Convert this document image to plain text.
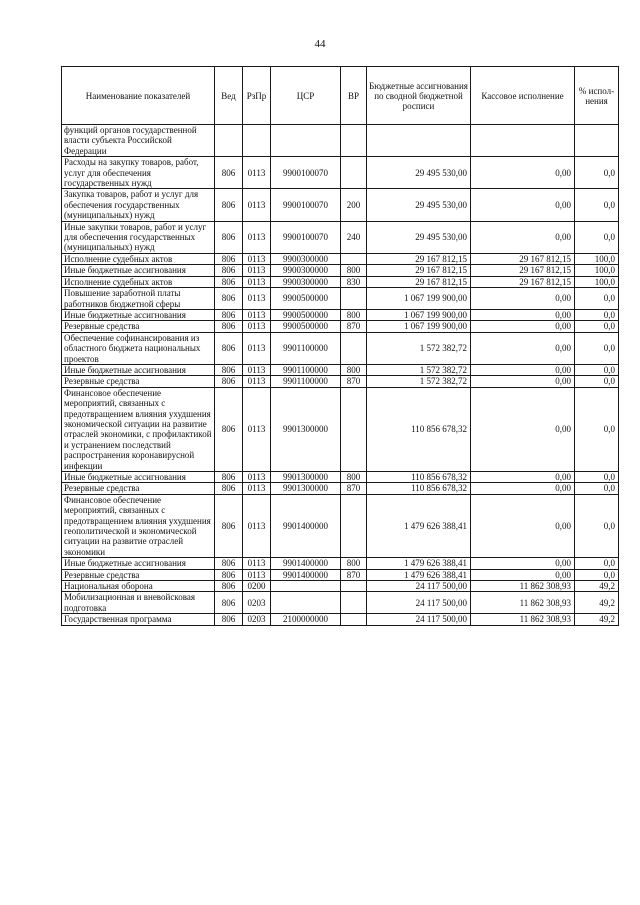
44
Наименование показателей	Вед	РзПр	ЦСР	ВР	Бюджетные ассигнования по сводной бюджетной росписи	Кассовое исполнение	% испол-нения
функций органов государственной власти субъекта Российской Федерации							
Расходы на закупку товаров, работ, услуг для обеспечения государственных нужд	806	0113	9900100070		29 495 530,00	0,00	0,0
Закупка товаров, работ и услуг для обеспечения государственных (муниципальных) нужд	806	0113	9900100070	200	29 495 530,00	0,00	0,0
Иные закупки товаров, работ и услуг для обеспечения государственных (муниципальных) нужд	806	0113	9900100070	240	29 495 530,00	0,00	0,0
Исполнение судебных актов	806	0113	9900300000		29 167 812,15	29 167 812,15	100,0
Иные бюджетные ассигнования	806	0113	9900300000	800	29 167 812,15	29 167 812,15	100,0
Исполнение судебных актов	806	0113	9900300000	830	29 167 812,15	29 167 812,15	100,0
Повышение заработной платы работников бюджетной сферы	806	0113	9900500000		1 067 199 900,00	0,00	0,0
Иные бюджетные ассигнования	806	0113	9900500000	800	1 067 199 900,00	0,00	0,0
Резервные средства	806	0113	9900500000	870	1 067 199 900,00	0,00	0,0
Обеспечение софинансирования из областного бюджета национальных проектов	806	0113	9901100000		1 572 382,72	0,00	0,0
Иные бюджетные ассигнования	806	0113	9901100000	800	1 572 382,72	0,00	0,0
Резервные средства	806	0113	9901100000	870	1 572 382,72	0,00	0,0
Финансовое обеспечение мероприятий, связанных с предотвращением влияния ухудшения экономической ситуации на развитие отраслей экономики, с профилактикой и устранением последствий распространения коронавирусной инфекции	806	0113	9901300000		110 856 678,32	0,00	0,0
Иные бюджетные ассигнования	806	0113	9901300000	800	110 856 678,32	0,00	0,0
Резервные средства	806	0113	9901300000	870	110 856 678,32	0,00	0,0
Финансовое обеспечение мероприятий, связанных с предотвращением влияния ухудшения геополитической и экономической ситуации на развитие отраслей экономики	806	0113	9901400000		1 479 626 388,41	0,00	0,0
Иные бюджетные ассигнования	806	0113	9901400000	800	1 479 626 388,41	0,00	0,0
Резервные средства	806	0113	9901400000	870	1 479 626 388,41	0,00	0,0
Национальная оборона	806	0200			24 117 500,00	11 862 308,93	49,2
Мобилизационная и вневойсковая подготовка	806	0203			24 117 500,00	11 862 308,93	49,2
Государственная программа	806	0203	2100000000		24 117 500,00	11 862 308,93	49,2
